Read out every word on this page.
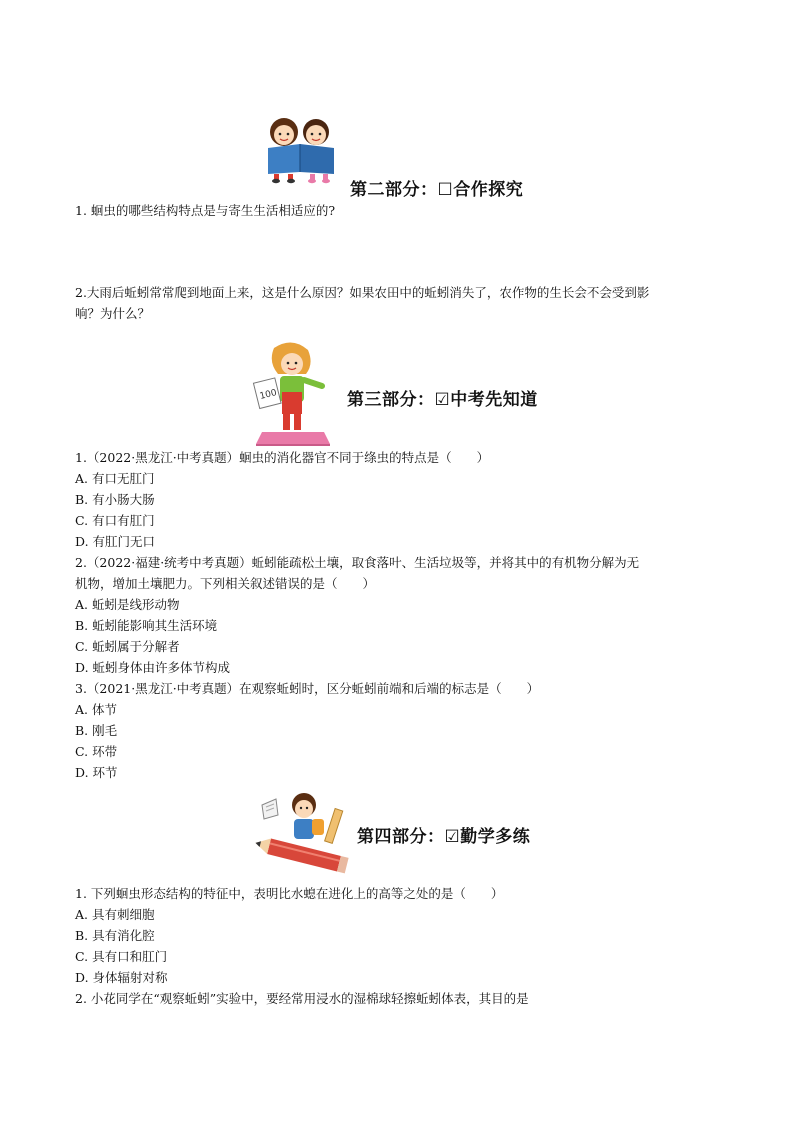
第二部分：☐合作探究
1. 蛔虫的哪些结构特点是与寄生生活相适应的?
2.大雨后蚯蚓常常爬到地面上来，这是什么原因？如果农田中的蚯蚓消失了，农作物的生长会不会受到影
响？为什么？
100	第三部分：☑中考先知道
1.（2022·黑龙江·中考真题）蛔虫的消化器官不同于绦虫的特点是（　　）
A. 有口无肛门
B. 有小肠大肠
C. 有口有肛门
D. 有肛门无口
2.（2022·福建·统考中考真题）蚯蚓能疏松土壤，取食落叶、生活垃圾等，并将其中的有机物分解为无
机物，增加土壤肥力。下列相关叙述错误的是（　　）
A. 蚯蚓是线形动物
B. 蚯蚓能影响其生活环境
C. 蚯蚓属于分解者
D. 蚯蚓身体由许多体节构成
3.（2021·黑龙江·中考真题）在观察蚯蚓时，区分蚯蚓前端和后端的标志是（　　）
A. 体节
B. 刚毛
C. 环带
D. 环节
第四部分：☑勤学多练
1. 下列蛔虫形态结构的特征中，表明比水螅在进化上的高等之处的是（　　）
A. 具有刺细胞
B. 具有消化腔
C. 具有口和肛门
D. 身体辐射对称
2. 小花同学在“观察蚯蚓”实验中，要经常用浸水的湿棉球轻擦蚯蚓体表，其目的是
